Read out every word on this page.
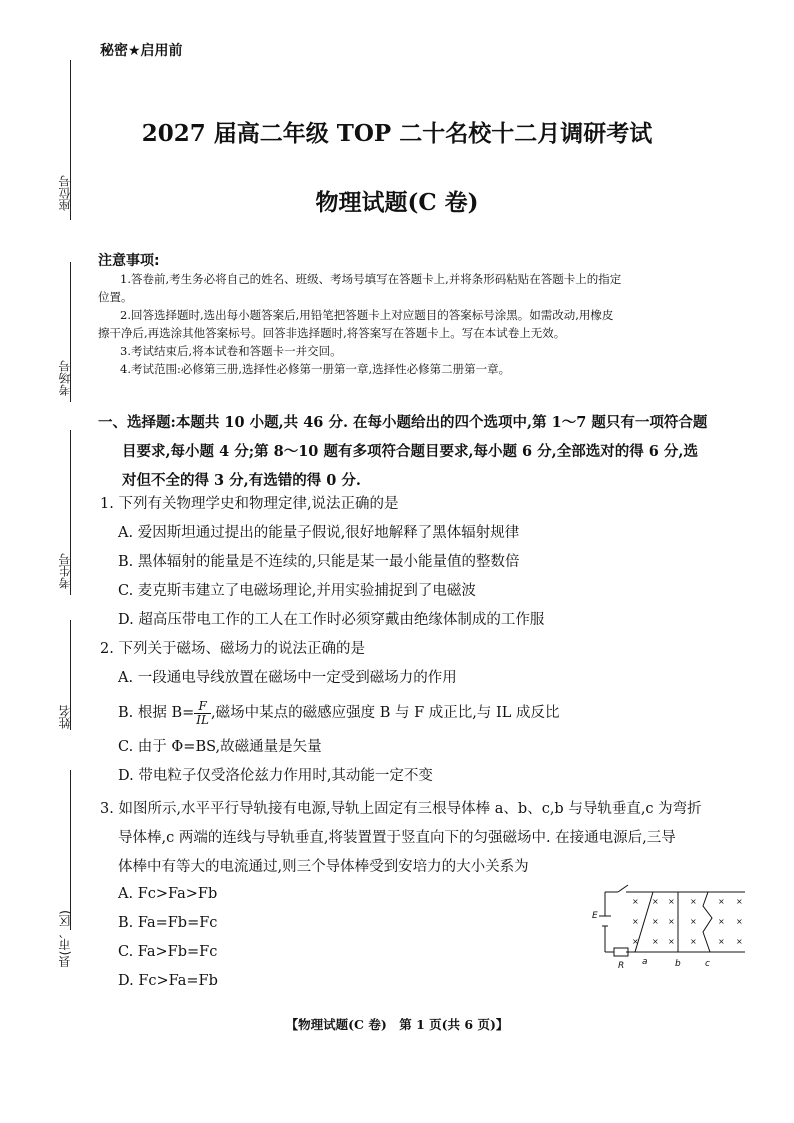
座位号
考场号
考生号
姓名
县(市、区)
秘密★启用前
2027 届高二年级 TOP 二十名校十二月调研考试
物理试题(C 卷)
注意事项:
1.答卷前,考生务必将自己的姓名、班级、考场号填写在答题卡上,并将条形码粘贴在答题卡上的指定
位置。
2.回答选择题时,选出每小题答案后,用铅笔把答题卡上对应题目的答案标号涂黑。如需改动,用橡皮
擦干净后,再选涂其他答案标号。回答非选择题时,将答案写在答题卡上。写在本试卷上无效。
3.考试结束后,将本试卷和答题卡一并交回。
4.考试范围:必修第三册,选择性必修第一册第一章,选择性必修第二册第一章。
一、选择题:本题共 10 小题,共 46 分. 在每小题给出的四个选项中,第 1～7 题只有一项符合题
目要求,每小题 4 分;第 8～10 题有多项符合题目要求,每小题 6 分,全部选对的得 6 分,选
对但不全的得 3 分,有选错的得 0 分.
1. 下列有关物理学史和物理定律,说法正确的是
A. 爱因斯坦通过提出的能量子假说,很好地解释了黑体辐射规律
B. 黑体辐射的能量是不连续的,只能是某一最小能量值的整数倍
C. 麦克斯韦建立了电磁场理论,并用实验捕捉到了电磁波
D. 超高压带电工作的工人在工作时必须穿戴由绝缘体制成的工作服
2. 下列关于磁场、磁场力的说法正确的是
A. 一段通电导线放置在磁场中一定受到磁场力的作用
B. 根据 $B= \frac{F}{IL}$ ,磁场中某点的磁感应强度 B 与 F 成正比,与 IL 成反比
C. 由于 Φ=BS,故磁通量是矢量
D. 带电粒子仅受洛伦兹力作用时,其动能一定不变
3. 如图所示,水平平行导轨接有电源,导轨上固定有三根导体棒 a、b、c,b 与导轨垂直,c 为弯折
导体棒,c 两端的连线与导轨垂直,将装置置于竖直向下的匀强磁场中. 在接通电源后,三导
体棒中有等大的电流通过,则三个导体棒受到安培力的大小关系为
A. Fc>Fa>Fb
B. Fa=Fb=Fc
C. Fa>Fb=Fc
D. Fc>Fa=Fb
× × × ×	× ×
× × × ×	× ×
× × × ×	× ×
E
R a	b	c
【物理试题(C 卷)　第 1 页(共 6 页)】
